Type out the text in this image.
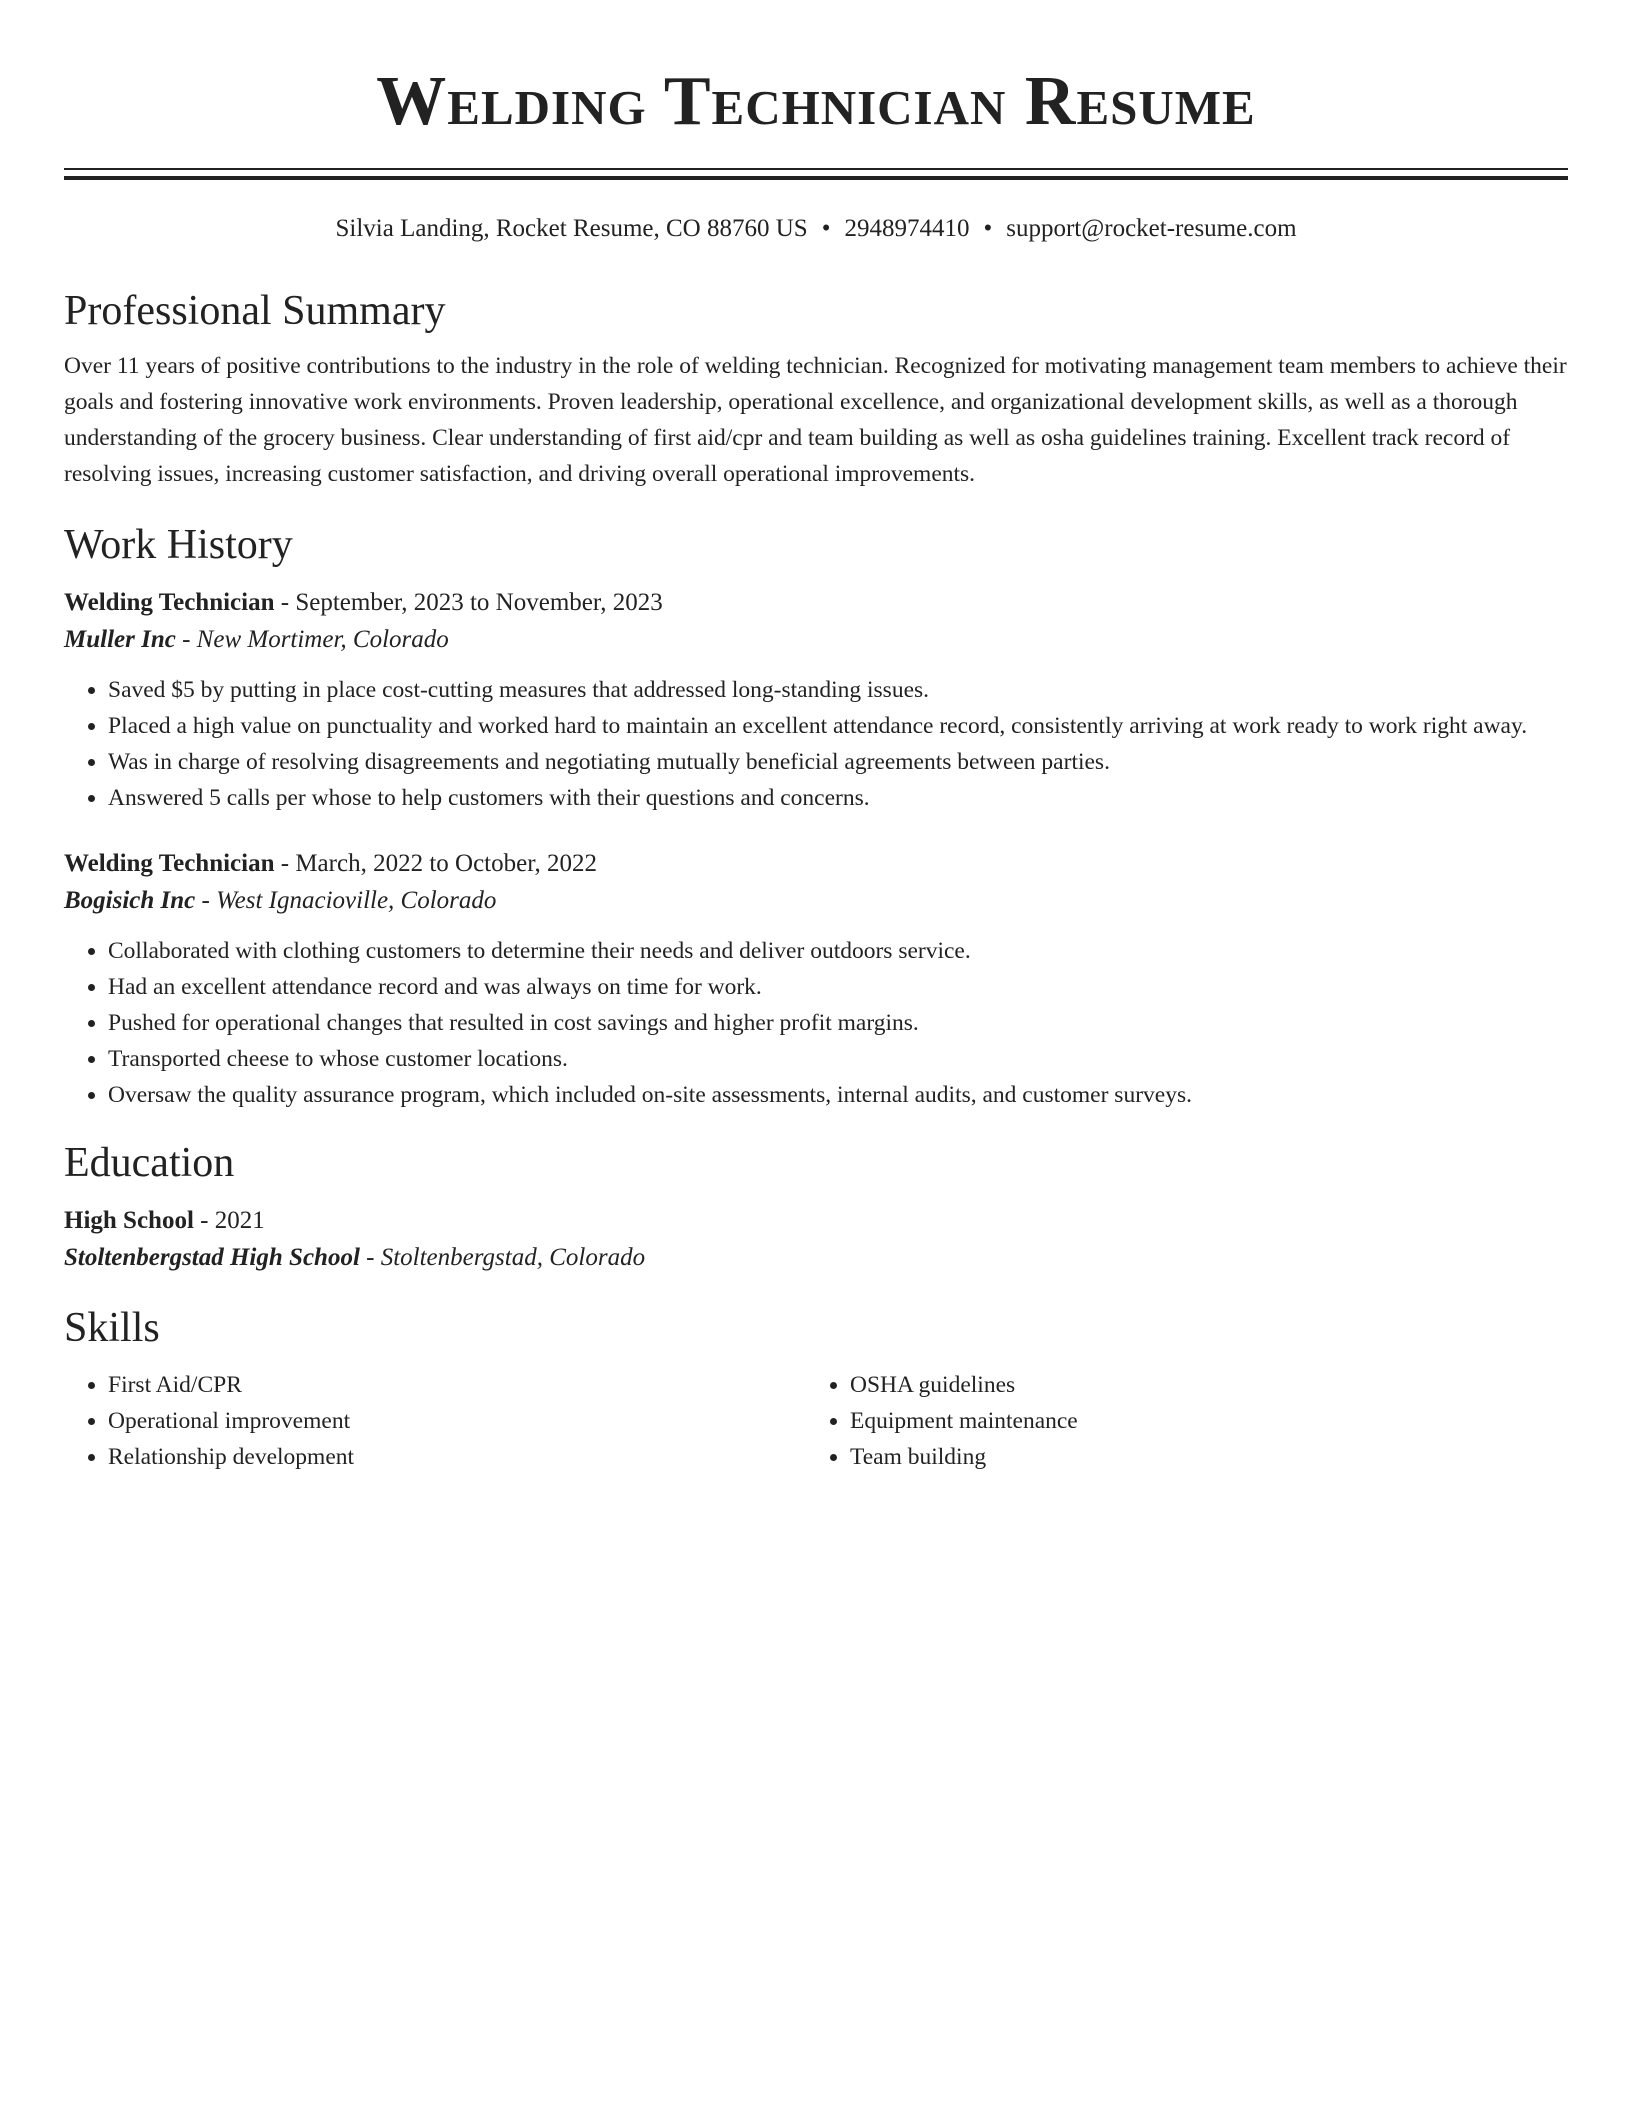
Welding Technician Resume
Silvia Landing, Rocket Resume, CO 88760 US • 2948974410 • support@rocket-resume.com
Professional Summary

Over 11 years of positive contributions to the industry in the role of welding technician. Recognized for motivating management team members to achieve their goals and fostering innovative work environments. Proven leadership, operational excellence, and organizational development skills, as well as a thorough understanding of the grocery business. Clear understanding of first aid/cpr and team building as well as osha guidelines training. Excellent track record of resolving issues, increasing customer satisfaction, and driving overall operational improvements.

Work History
Welding Technician - September, 2023 to November, 2023
Muller Inc - New Mortimer, Colorado
• Saved $5 by putting in place cost-cutting measures that addressed long-standing issues.
• Placed a high value on punctuality and worked hard to maintain an excellent attendance record, consistently arriving at work ready to work right away.
• Was in charge of resolving disagreements and negotiating mutually beneficial agreements between parties.
• Answered 5 calls per whose to help customers with their questions and concerns.
Welding Technician - March, 2022 to October, 2022
Bogisich Inc - West Ignacioville, Colorado
• Collaborated with clothing customers to determine their needs and deliver outdoors service.
• Had an excellent attendance record and was always on time for work.
• Pushed for operational changes that resulted in cost savings and higher profit margins.
• Transported cheese to whose customer locations.
• Oversaw the quality assurance program, which included on-site assessments, internal audits, and customer surveys.
Education
High School - 2021
Stoltenbergstad High School - Stoltenbergstad, Colorado
Skills
• First Aid/CPR
• Operational improvement
• Relationship development
• OSHA guidelines
• Equipment maintenance
• Team building
